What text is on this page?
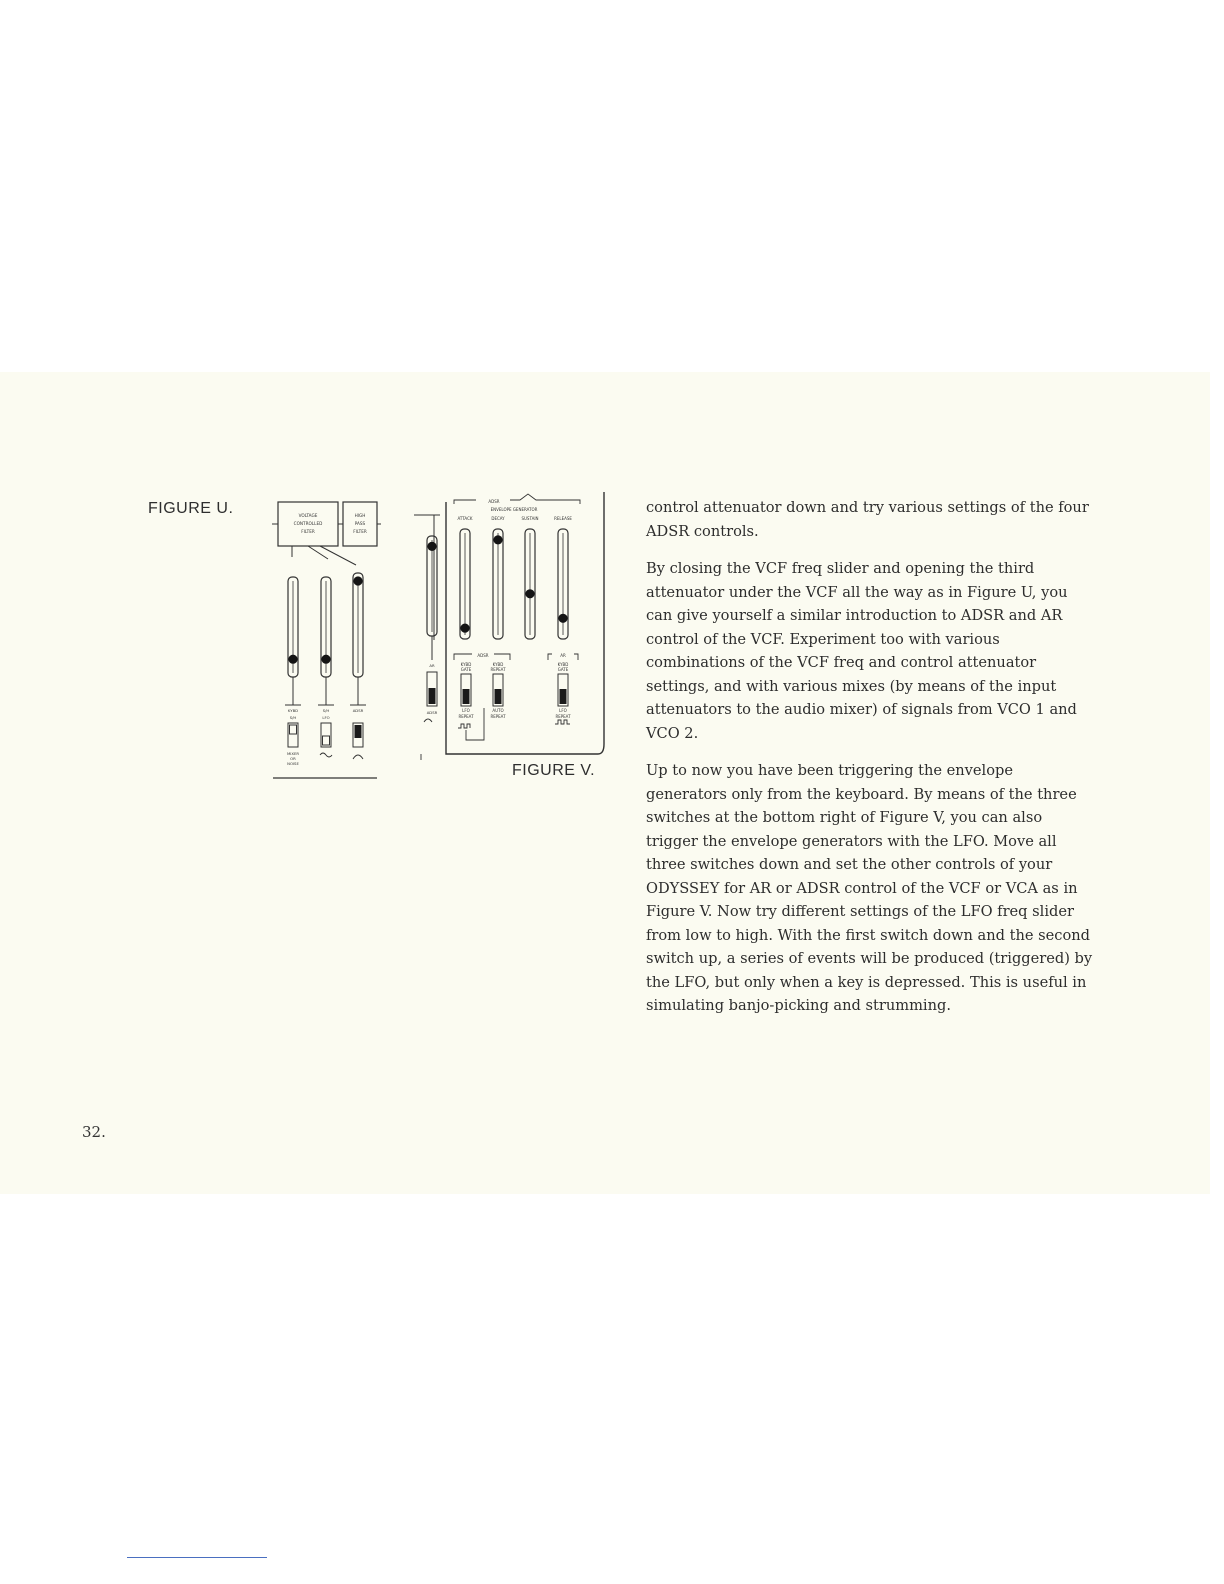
FIGURE U.	VOLTAGE
CONTROLLED
FILTER
HIGH
PASS
FILTER
KYBD	S/H	ADSR
S/H	LFO
MIXER
OR
NOISE
AR
ADSR
ADSR
ENVELOPE GENERATOR
ATTACK	DECAY	SUSTAIN	RELEASE
ADSR	AR
KYBD
GATE
KYBD
REPEAT
KYBD
GATE
LFO
REPEAT
AUTO
REPEAT
LFO
REPEAT
FIGURE V.

control attenuator down and try various settings of the four ADSR controls.

By closing the VCF freq slider and opening the third attenuator under the VCF all the way as in Figure U, you can give yourself a similar introduction to ADSR and AR control of the VCF. Experiment too with various combinations of the VCF freq and control attenuator settings, and with various mixes (by means of the input attenuators to the audio mixer) of signals from VCO 1 and VCO 2.

Up to now you have been triggering the envelope generators only from the keyboard. By means of the three switches at the bottom right of Figure V, you can also trigger the envelope generators with the LFO. Move all three switches down and set the other controls of your ODYSSEY for AR or ADSR control of the VCF or VCA as in Figure V. Now try different settings of the LFO freq slider from low to high. With the first switch down and the second switch up, a series of events will be produced (triggered) by the LFO, but only when a key is depressed. This is useful in simulating banjo-picking and strumming.

32.
